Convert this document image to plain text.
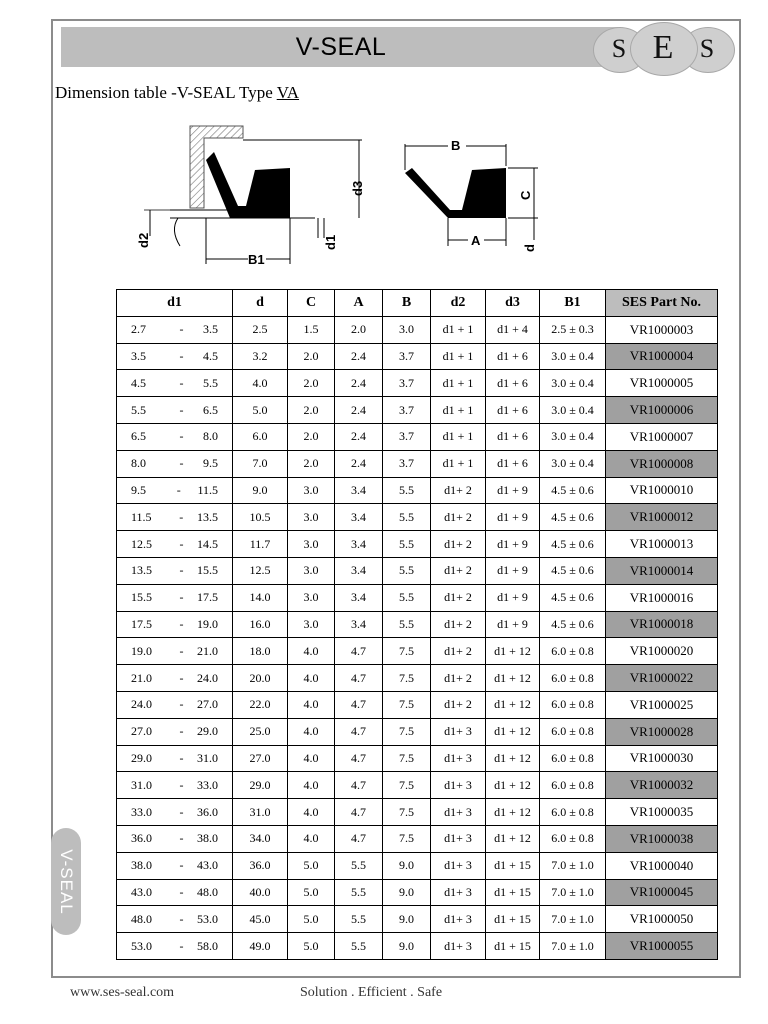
V-SEAL	S E	S
Dimension table -V-SEAL Type VA
d3
d1
d2
B1
B
C
A
d
d1	d	C	A	B	d2	d3	B1	SES Part No.

2.7 - 3.5	2.5	1.5	2.0	3.0	d1 + 1	d1 + 4	2.5 ± 0.3	VR1000003

3.5 - 4.5	3.2	2.0	2.4	3.7	d1 + 1	d1 + 6	3.0 ± 0.4	VR1000004

4.5 - 5.5	4.0	2.0	2.4	3.7	d1 + 1	d1 + 6	3.0 ± 0.4	VR1000005

5.5 - 6.5	5.0	2.0	2.4	3.7	d1 + 1	d1 + 6	3.0 ± 0.4	VR1000006

6.5 - 8.0	6.0	2.0	2.4	3.7	d1 + 1	d1 + 6	3.0 ± 0.4	VR1000007

8.0 - 9.5	7.0	2.0	2.4	3.7	d1 + 1	d1 + 6	3.0 ± 0.4	VR1000008

9.5 - 11.5	9.0	3.0	3.4	5.5	d1+ 2	d1 + 9	4.5 ± 0.6	VR1000010

11.5 - 13.5	10.5	3.0	3.4	5.5	d1+ 2	d1 + 9	4.5 ± 0.6	VR1000012

12.5 - 14.5	11.7	3.0	3.4	5.5	d1+ 2	d1 + 9	4.5 ± 0.6	VR1000013

13.5 - 15.5	12.5	3.0	3.4	5.5	d1+ 2	d1 + 9	4.5 ± 0.6	VR1000014

15.5 - 17.5	14.0	3.0	3.4	5.5	d1+ 2	d1 + 9	4.5 ± 0.6	VR1000016

17.5 - 19.0	16.0	3.0	3.4	5.5	d1+ 2	d1 + 9	4.5 ± 0.6	VR1000018

19.0 - 21.0	18.0	4.0	4.7	7.5	d1+ 2	d1 + 12	6.0 ± 0.8	VR1000020

21.0 - 24.0	20.0	4.0	4.7	7.5	d1+ 2	d1 + 12	6.0 ± 0.8	VR1000022

24.0 - 27.0	22.0	4.0	4.7	7.5	d1+ 2	d1 + 12	6.0 ± 0.8	VR1000025

27.0 - 29.0	25.0	4.0	4.7	7.5	d1+ 3	d1 + 12	6.0 ± 0.8	VR1000028

29.0 - 31.0	27.0	4.0	4.7	7.5	d1+ 3	d1 + 12	6.0 ± 0.8	VR1000030

31.0 - 33.0	29.0	4.0	4.7	7.5	d1+ 3	d1 + 12	6.0 ± 0.8	VR1000032

33.0 - 36.0	31.0	4.0	4.7	7.5	d1+ 3	d1 + 12	6.0 ± 0.8	VR1000035

36.0 - 38.0	34.0	4.0	4.7	7.5	d1+ 3	d1 + 12	6.0 ± 0.8	VR1000038

38.0 - 43.0	36.0	5.0	5.5	9.0	d1+ 3	d1 + 15	7.0 ± 1.0	VR1000040

43.0 - 48.0	40.0	5.0	5.5	9.0	d1+ 3	d1 + 15	7.0 ± 1.0	VR1000045

48.0 - 53.0	45.0	5.0	5.5	9.0	d1+ 3	d1 + 15	7.0 ± 1.0	VR1000050

53.0 - 58.0	49.0	5.0	5.5	9.0	d1+ 3	d1 + 15	7.0 ± 1.0	VR1000055
V-SEAL
www.ses-seal.com	Solution . Efficient . Safe
